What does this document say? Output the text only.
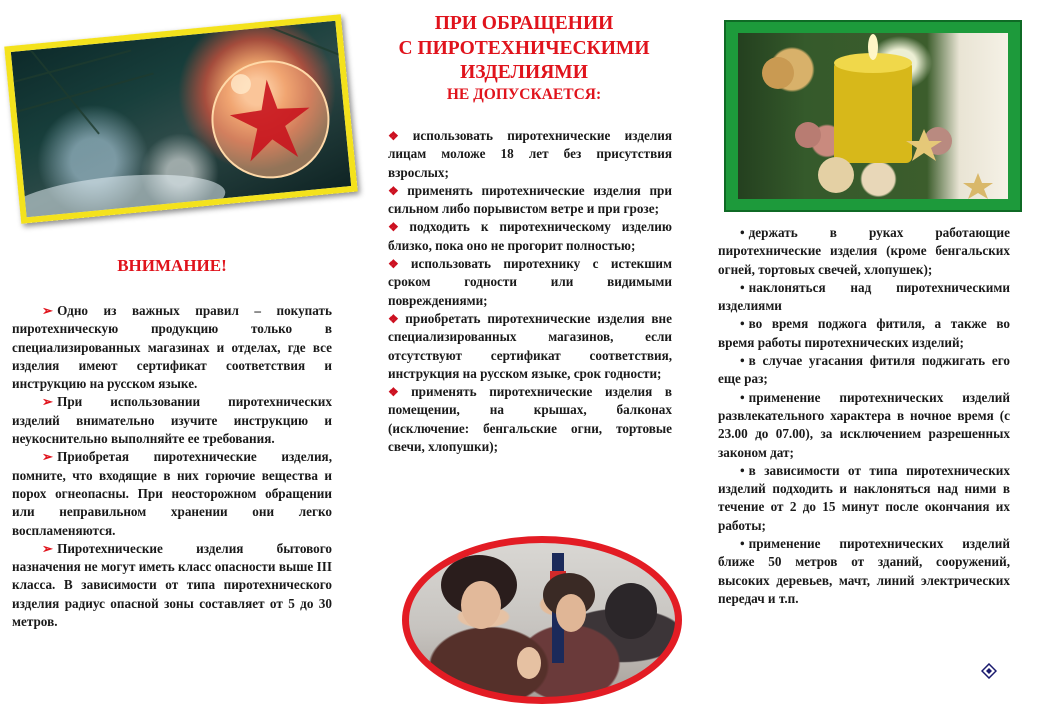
ВНИМАНИЕ!

➢ Одно из важных правил – покупать пиротехническую продукцию только в специализированных магазинах и отделах, где все изделия имеют сертификат соответствия и инструкцию на русском языке.

➢ При использовании пиротехнических изделий внимательно изучите инструкцию и неукоснительно выполняйте ее требования.

➢ Приобретая пиротехнические изделия, помните, что входящие в них горючие вещества и порох огнеопасны. При неосторожном обращении или неправильном хранении они легко воспламеняются.

➢ Пиротехнические изделия бытового назначения не могут иметь класс опасности выше III класса. В зависимости от типа пиротехнического изделия радиус опасной зоны составляет от 5 до 30 метров.

ПРИ ОБРАЩЕНИИ
С ПИРОТЕХНИЧЕСКИМИ
ИЗДЕЛИЯМИ
НЕ ДОПУСКАЕТСЯ:

❖ использовать пиротехнические изделия лицам моложе 18 лет без присутствия взрослых;

❖ применять пиротехнические изделия при сильном либо порывистом ветре и при грозе;

❖ подходить к пиротехническому изделию близко, пока оно не прогорит полностью;

❖ использовать пиротехнику с истекшим сроком годности или видимыми повреждениями;

❖ приобретать пиротехнические изделия вне специализированных магазинов, если отсутствуют сертификат соответствия, инструкция на русском языке, срок годности;

❖ применять пиротехнические изделия в помещении, на крышах, балконах (исключение: бенгальские огни, тортовые свечи, хлопушки);

• держать в руках работающие пиротехнические изделия (кроме бенгальских огней, тортовых свечей, хлопушек);

• наклоняться над пиротехническими изделиями

• во время поджога фитиля, а также во время работы пиротехнических изделий;

• в случае угасания фитиля поджигать его еще раз;

• применение пиротехнических изделий развлекательного характера в ночное время (с 23.00 до 07.00), за исключением разрешенных законом дат;

• в зависимости от типа пиротехнических изделий подходить и наклоняться над ними в течение от 2 до 15 минут после окончания их работы;

• применение пиротехнических изделий ближе 50 метров от зданий, сооружений, высоких деревьев, мачт, линий электрических передач и т.п.
